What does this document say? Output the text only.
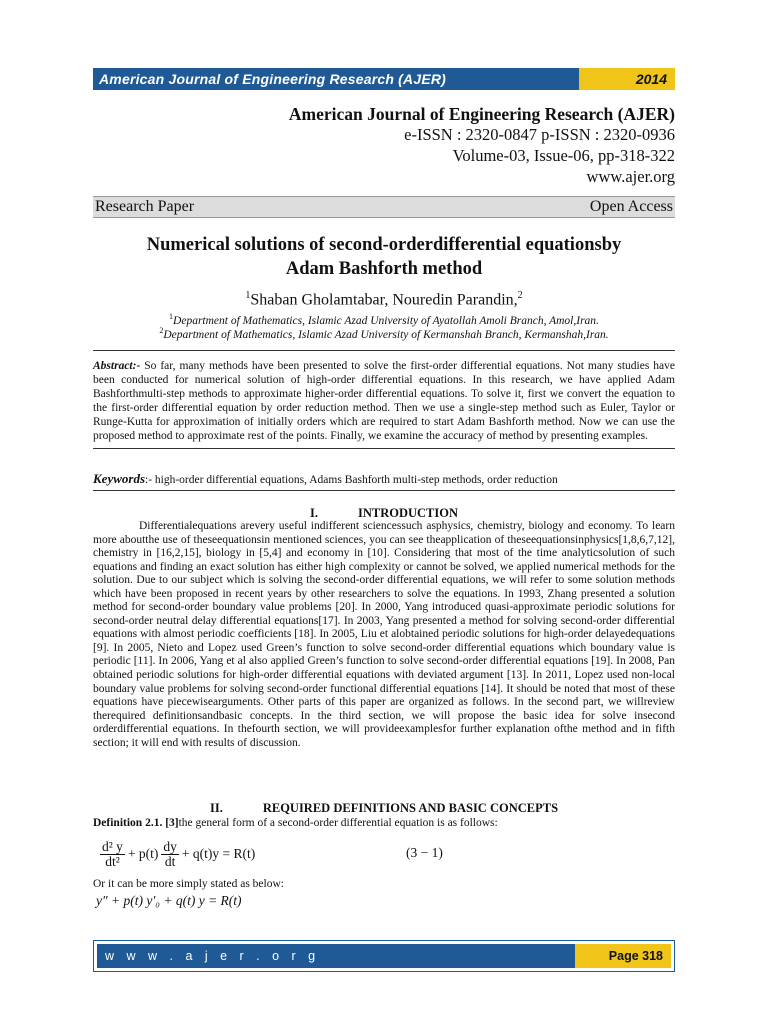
American Journal of Engineering Research (AJER)	2014
American Journal of Engineering Research (AJER)
e-ISSN : 2320-0847 p-ISSN : 2320-0936
Volume-03, Issue-06, pp-318-322
www.ajer.org
Research Paper	Open Access
Numerical solutions of second-orderdifferential equationsby
Adam Bashforth method
$^1$Shaban Gholamtabar, Nouredin Parandin,$^2$
$^1$Department of Mathematics, Islamic Azad University of Ayatollah Amoli Branch, Amol,Iran.
$^2$Department of Mathematics, Islamic Azad University of Kermanshah Branch, Kermanshah,Iran.
Abstract:- So far, many methods have been presented to solve the first-order differential equations. Not many studies have been conducted for numerical solution of high-order differential equations. In this research, we have applied Adam Bashforthmulti-step methods to approximate higher-order differential equations. To solve it, first we convert the equation to the first-order differential equation by order reduction method. Then we use a single-step method such as Euler, Taylor or Runge-Kutta for approximation of initially orders which are required to start Adam Bashforth method. Now we can use the proposed method to approximate rest of the points. Finally, we examine the accuracy of method by presenting examples.
Keywords:- high-order differential equations, Adams Bashforth multi-step methods, order reduction
I.	INTRODUCTION
Differentialequations arevery useful indifferent sciencessuch asphysics, chemistry, biology and economy. To learn more aboutthe use of theseequationsin mentioned sciences, you can see theapplication of theseequationsinphysics[1,8,6,7,12], chemistry in [16,2,15], biology in [5,4] and economy in [10]. Considering that most of the time analyticsolution of such equations and finding an exact solution has either high complexity or cannot be solved, we applied numerical methods for the solution. Due to our subject which is solving the second-order differential equations, we will refer to some solution methods which have been proposed in recent years by other researchers to solve the equations. In 1993, Zhang presented a solution method for second-order boundary value problems [20]. In 2000, Yang introduced quasi-approximate periodic solutions for second-order neutral delay differential equations[17]. In 2003, Yang presented a method for solving second-order differential equations with almost periodic coefficients [18]. In 2005, Liu et alobtained periodic solutions for high-order delayedequations [9]. In 2005, Nieto and Lopez used Green’s function to solve second-order differential equations which boundary value is periodic [11]. In 2006, Yang et al also applied Green’s function to solve second-order differential equations [19]. In 2008, Pan obtained periodic solutions for high-order differential equations with deviated argument [13]. In 2011, Lopez used non-local boundary value problems for solving second-order functional differential equations [14]. It should be noted that most of these equations have piecewisearguments. Other parts of this paper are organized as follows. In the second part, we willreview therequired definitionsandbasic concepts. In the third section, we will propose the basic idea for solve insecond orderdifferential equations. In thefourth section, we will provideexamplesfor further explanation ofthe method and in fifth section; it will end with results of discussion.
II.	REQUIRED DEFINITIONS AND BASIC CONCEPTS
Definition 2.1. [3]the general form of a second-order differential equation is as follows:
$\frac{\text{d² y}}{\text{dt²}} + p(t) \frac{dy}{dt} + q(t)y = R(t)$	(3 − 1)
Or it can be more simply stated as below:
y″ + p(t) y′₀ + q(t) y = R(t)
w w w . a j e r . o r g	Page 318
